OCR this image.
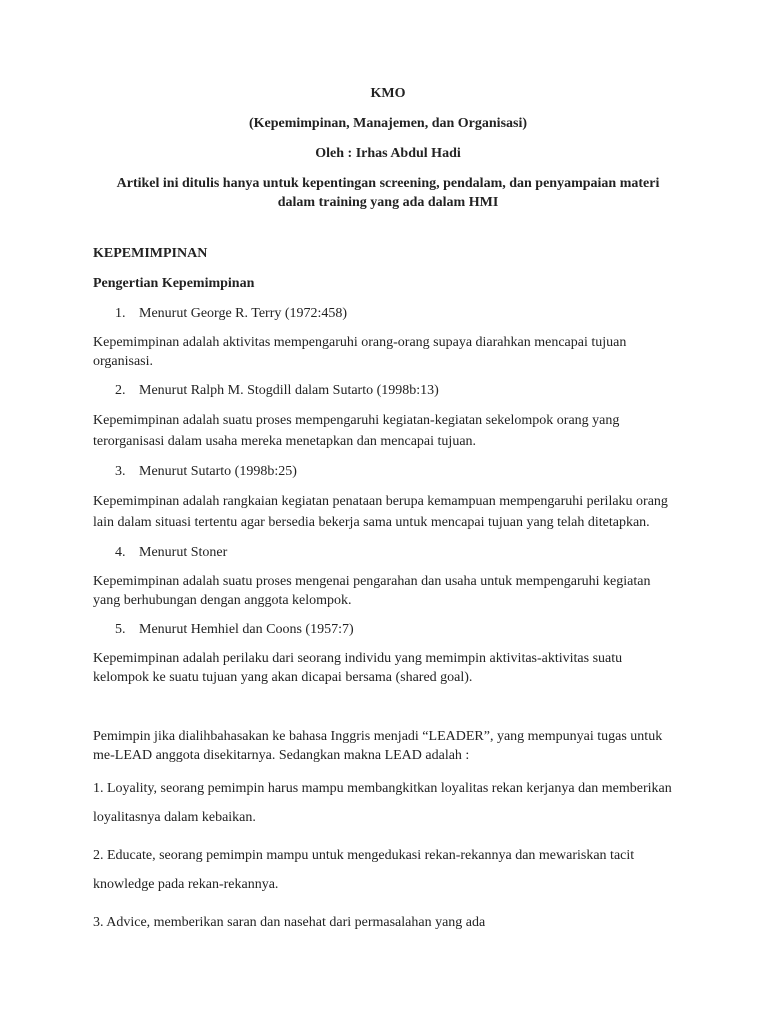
KMO
(Kepemimpinan, Manajemen, dan Organisasi)
Oleh : Irhas Abdul Hadi
Artikel ini ditulis hanya untuk kepentingan screening, pendalam, dan penyampaian materi dalam training yang ada dalam HMI
KEPEMIMPINAN
Pengertian Kepemimpinan
1. Menurut George R. Terry (1972:458)
Kepemimpinan adalah aktivitas mempengaruhi orang-orang supaya diarahkan mencapai tujuan organisasi.
2. Menurut Ralph M. Stogdill dalam Sutarto (1998b:13)
Kepemimpinan adalah suatu proses mempengaruhi kegiatan-kegiatan sekelompok orang yang terorganisasi dalam usaha mereka menetapkan dan mencapai tujuan.
3. Menurut Sutarto (1998b:25)
Kepemimpinan adalah rangkaian kegiatan penataan berupa kemampuan mempengaruhi perilaku orang lain dalam situasi tertentu agar bersedia bekerja sama untuk mencapai tujuan yang telah ditetapkan.
4. Menurut Stoner
Kepemimpinan adalah suatu proses mengenai pengarahan dan usaha untuk mempengaruhi kegiatan yang berhubungan dengan anggota kelompok.
5. Menurut Hemhiel dan Coons (1957:7)
Kepemimpinan adalah perilaku dari seorang individu yang memimpin aktivitas-aktivitas suatu kelompok ke suatu tujuan yang akan dicapai bersama (shared goal).
Pemimpin jika dialihbahasakan ke bahasa Inggris menjadi “LEADER”, yang mempunyai tugas untuk me-LEAD anggota disekitarnya. Sedangkan makna LEAD adalah :
1. Loyality, seorang pemimpin harus mampu membangkitkan loyalitas rekan kerjanya dan memberikan loyalitasnya dalam kebaikan.
2. Educate, seorang pemimpin mampu untuk mengedukasi rekan-rekannya dan mewariskan tacit knowledge pada rekan-rekannya.
3. Advice, memberikan saran dan nasehat dari permasalahan yang ada
